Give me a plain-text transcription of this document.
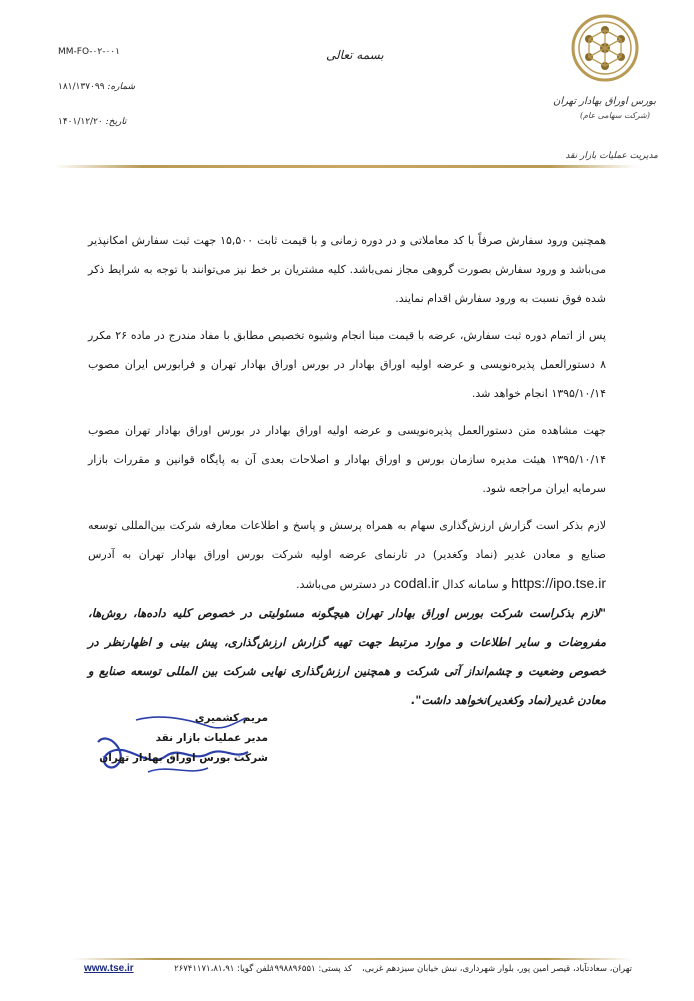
بورس اوراق بهادار تهران
(شرکت سهامی عام)
مدیریت عملیات بازار نقد
بسمه تعالی
MM-FO-۰۲-۰۰۱
شماره: ۱۸۱/۱۳۷۰۹۹
تاریخ: ۱۴۰۱/۱۲/۲۰

همچنین ورود سفارش صرفاً با کد معاملاتی و در دوره زمانی و با قیمت ثابت ۱۵,۵۰۰ جهت ثبت سفارش امکانپذیر می‌باشد و ورود سفارش بصورت گروهی مجاز نمی‌باشد. کلیه مشتریان بر خط نیز می‌توانند با توجه به شرایط ذکر شده فوق نسبت به ورود سفارش اقدام نمایند.

پس از اتمام دوره ثبت سفارش، عرضه با قیمت مبنا انجام وشیوه تخصیص مطابق با مفاد مندرج در ماده ۲۶ مکرر ۸ دستورالعمل پذیره‌نویسی و عرضه اولیه اوراق بهادار در بورس اوراق بهادار تهران و فرابورس ایران مصوب ۱۳۹۵/۱۰/۱۴ انجام خواهد شد.

جهت مشاهده متن دستورالعمل پذیره‌نویسی و عرضه اولیه اوراق بهادار در بورس اوراق بهادار تهران مصوب ۱۳۹۵/۱۰/۱۴ هیئت مدیره سازمان بورس و اوراق بهادار و اصلاحات بعدی آن به پایگاه قوانین و مقررات بازار سرمایه ایران مراجعه شود.

لازم بذکر است گزارش ارزش‌گذاری سهام به همراه پرسش و پاسخ و اطلاعات معارفه شرکت بین‌المللی توسعه صنایع و معادن غدیر (نماد وکغدیر) در تارنمای عرضه اولیه شرکت بورس اوراق بهادار تهران به آدرس https://ipo.tse.ir و سامانه کدال codal.ir در دسترس می‌باشد.

"لازم بذکراست شرکت بورس اوراق بهادار تهران هیچگونه مسئولیتی در خصوص کلیه داده‌ها، روش‌ها، مفروضات و سایر اطلاعات و موارد مرتبط جهت تهیه گزارش ارزش‌گذاری، پیش بینی و اظهارنظر در خصوص وضعیت و چشم‌انداز آتی شرکت و همچنین ارزش‌گذاری نهایی شرکت بین المللی توسعه صنایع و معادن غدیر(نماد وکغدیر)نخواهد داشت".

مریم کشمیری
مدیر عملیات بازار نقد
شرکت بورس اوراق بهادار تهران
تهران، سعادتآباد، قیصر امین پور، بلوار شهرداری، نبش خیابان سیزدهم غربی،
کد پستی: ۱۹۹۸۸۹۶۵۵۱
تلفن گویا: ۲۶۷۴۱۱۷۱،۸۱،۹۱
www.tse.ir
